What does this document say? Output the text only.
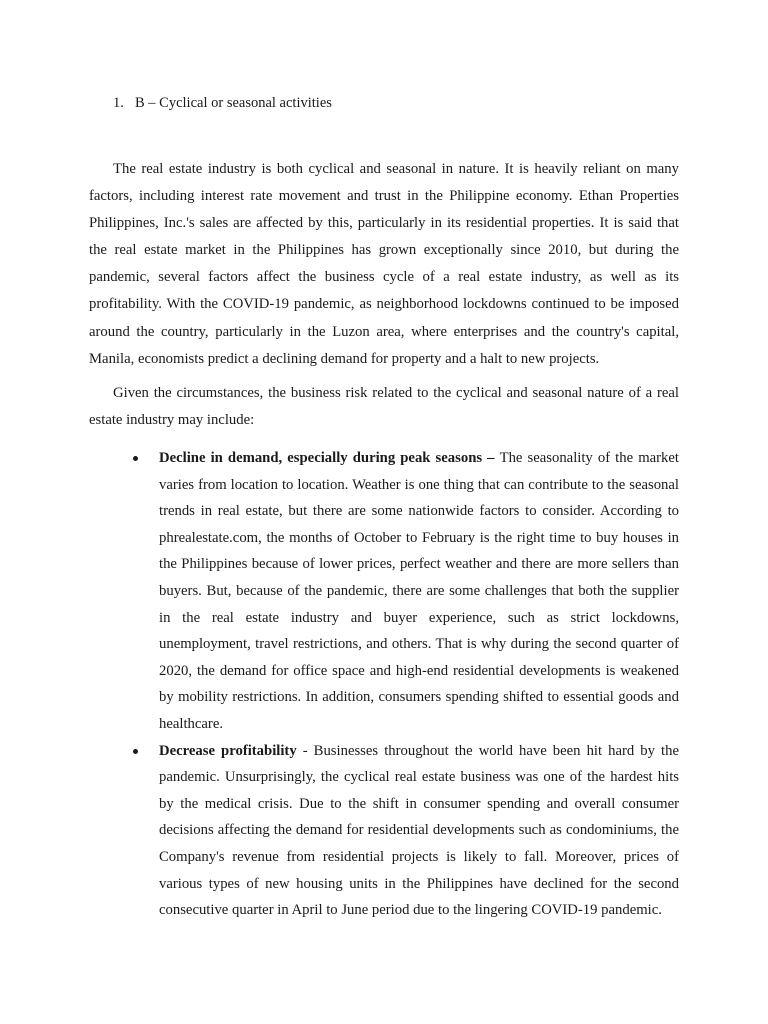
1. B – Cyclical or seasonal activities

The real estate industry is both cyclical and seasonal in nature. It is heavily reliant on many factors, including interest rate movement and trust in the Philippine economy. Ethan Properties Philippines, Inc.'s sales are affected by this, particularly in its residential properties. It is said that the real estate market in the Philippines has grown exceptionally since 2010, but during the pandemic, several factors affect the business cycle of a real estate industry, as well as its profitability. With the COVID-19 pandemic, as neighborhood lockdowns continued to be imposed around the country, particularly in the Luzon area, where enterprises and the country's capital, Manila, economists predict a declining demand for property and a halt to new projects.

Given the circumstances, the business risk related to the cyclical and seasonal nature of a real estate industry may include:

Decline in demand, especially during peak seasons – The seasonality of the market varies from location to location. Weather is one thing that can contribute to the seasonal trends in real estate, but there are some nationwide factors to consider. According to phrealestate.com, the months of October to February is the right time to buy houses in the Philippines because of lower prices, perfect weather and there are more sellers than buyers. But, because of the pandemic, there are some challenges that both the supplier in the real estate industry and buyer experience, such as strict lockdowns, unemployment, travel restrictions, and others. That is why during the second quarter of 2020, the demand for office space and high-end residential developments is weakened by mobility restrictions. In addition, consumers spending shifted to essential goods and healthcare.
Decrease profitability - Businesses throughout the world have been hit hard by the pandemic. Unsurprisingly, the cyclical real estate business was one of the hardest hits by the medical crisis. Due to the shift in consumer spending and overall consumer decisions affecting the demand for residential developments such as condominiums, the Company's revenue from residential projects is likely to fall. Moreover, prices of various types of new housing units in the Philippines have declined for the second consecutive quarter in April to June period due to the lingering COVID-19 pandemic.
